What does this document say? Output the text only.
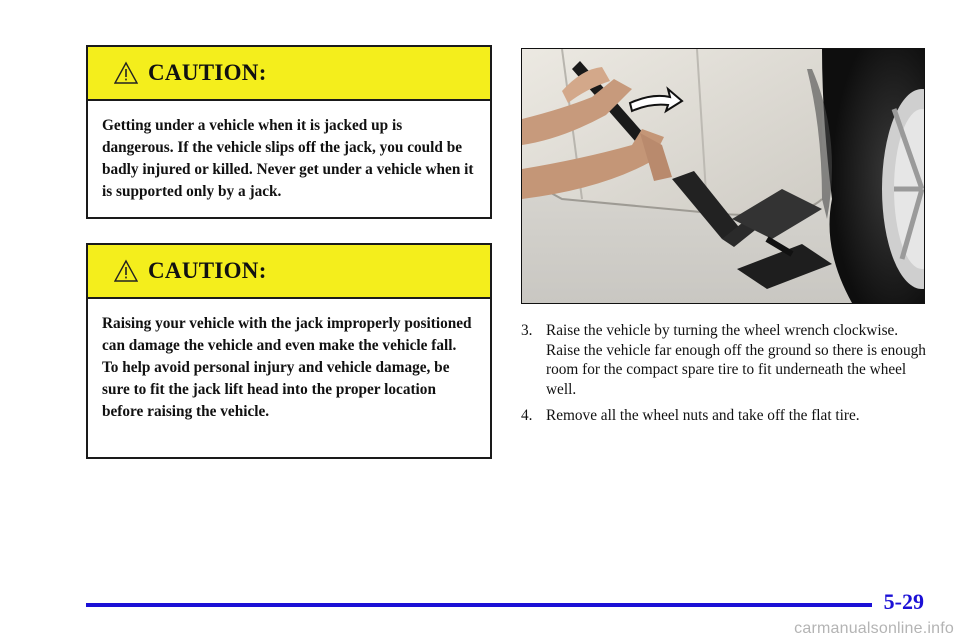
CAUTION:
Getting under a vehicle when it is jacked up is dangerous. If the vehicle slips off the jack, you could be badly injured or killed. Never get under a vehicle when it is supported only by a jack.
CAUTION:
Raising your vehicle with the jack improperly positioned can damage the vehicle and even make the vehicle fall. To help avoid personal injury and vehicle damage, be sure to fit the jack lift head into the proper location before raising the vehicle.
3. Raise the vehicle by turning the wheel wrench clockwise. Raise the vehicle far enough off the ground so there is enough room for the compact spare tire to fit underneath the wheel well.
4. Remove all the wheel nuts and take off the flat tire.
5-29
carmanualsonline.info
